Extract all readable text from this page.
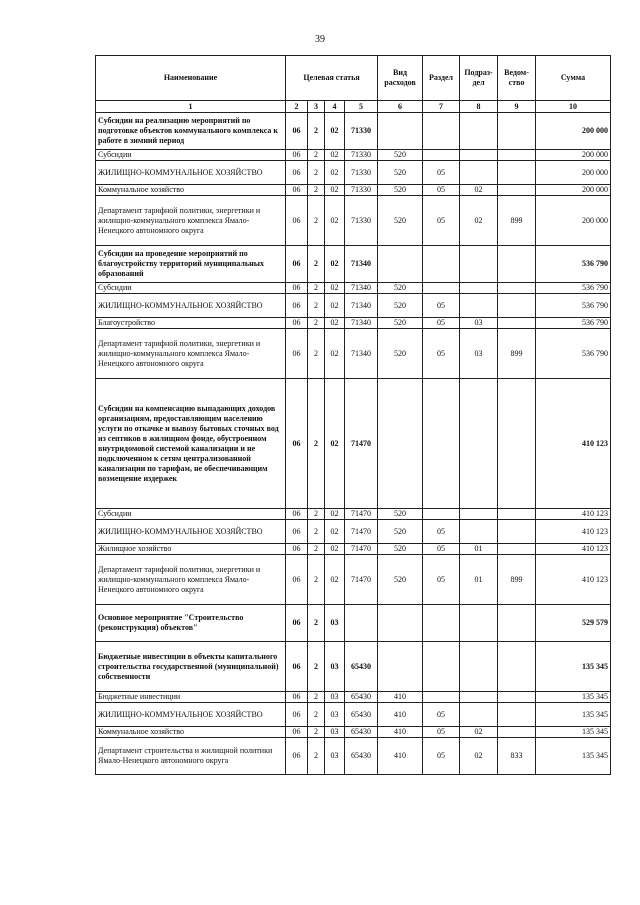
39
Наименование	Целевая статья				Вид расходов	Раздел	Подраз-дел	Ведом-ство	Сумма
1	2	3	4	5	6	7	8	9	10
Субсидии на реализацию мероприятий по подготовке объектов коммунального комплекса к работе в зимний период	06	2	02	71330					200 000
Субсидии	06	2	02	71330	520				200 000
ЖИЛИЩНО-КОММУНАЛЬНОЕ ХОЗЯЙСТВО	06	2	02	71330	520	05			200 000
Коммунальное хозяйство	06	2	02	71330	520	05	02		200 000
Департамент тарифной политики, энергетики и жилищно-коммунального комплекса Ямало-Ненецкого автономного округа	06	2	02	71330	520	05	02	899	200 000
Субсидии на проведение мероприятий по благоустройству территорий муниципальных образований	06	2	02	71340					536 790
Субсидии	06	2	02	71340	520				536 790
ЖИЛИЩНО-КОММУНАЛЬНОЕ ХОЗЯЙСТВО	06	2	02	71340	520	05			536 790
Благоустройство	06	2	02	71340	520	05	03		536 790
Департамент тарифной политики, энергетики и жилищно-коммунального комплекса Ямало-Ненецкого автономного округа	06	2	02	71340	520	05	03	899	536 790
Субсидии на компенсацию выпадающих доходов организациям, предоставляющим населению услуги по откачке и вывозу бытовых сточных вод из септиков в жилищном фонде, обустроенном внутридомовой системой канализации и не подключенном к сетям централизованной канализации по тарифам, не обеспечивающим возмещение издержек	06	2	02	71470					410 123
Субсидии	06	2	02	71470	520				410 123
ЖИЛИЩНО-КОММУНАЛЬНОЕ ХОЗЯЙСТВО	06	2	02	71470	520	05			410 123
Жилищное хозяйство	06	2	02	71470	520	05	01		410 123
Департамент тарифной политики, энергетики и жилищно-коммунального комплекса Ямало-Ненецкого автономного округа	06	2	02	71470	520	05	01	899	410 123
Основное мероприятие "Строительство (реконструкция) объектов"	06	2	03						529 579
Бюджетные инвестиции в объекты капитального строительства государственной (муниципальной) собственности	06	2	03	65430					135 345
Бюджетные инвестиции	06	2	03	65430	410				135 345
ЖИЛИЩНО-КОММУНАЛЬНОЕ ХОЗЯЙСТВО	06	2	03	65430	410	05			135 345
Коммунальное хозяйство	06	2	03	65430	410	05	02		135 345
Департамент строительства и жилищной политики Ямало-Ненецкого автономного округа	06	2	03	65430	410	05	02	833	135 345
